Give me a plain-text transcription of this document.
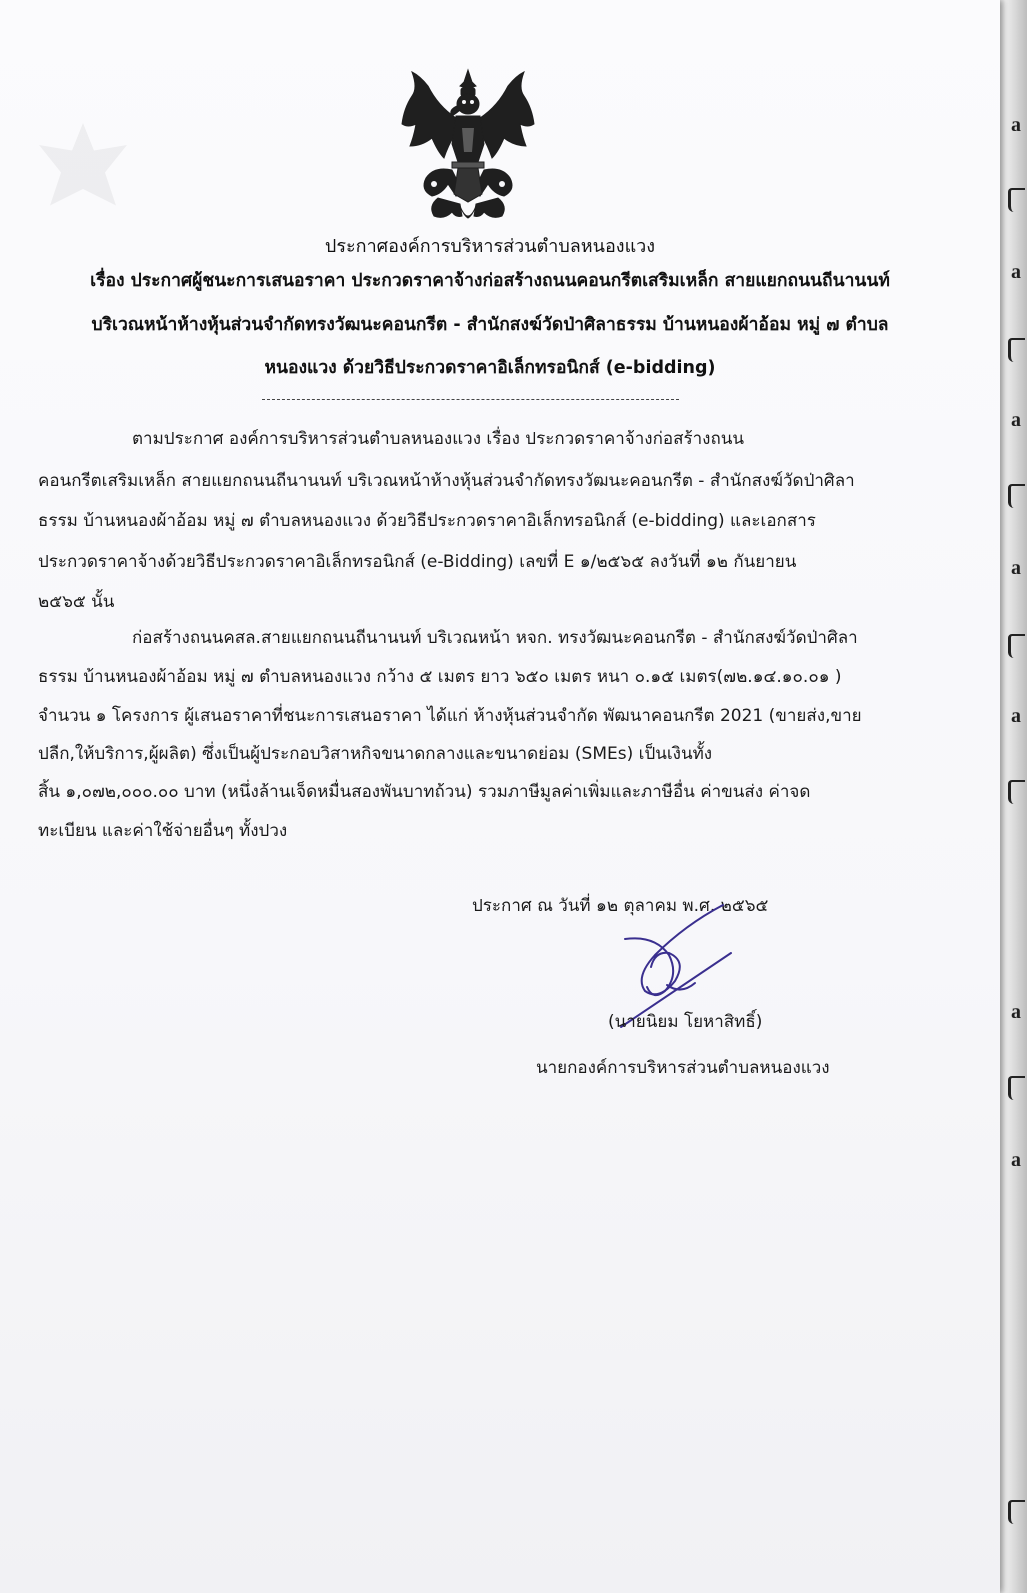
a
a
a
a
a
a
a
ประกาศองค์การบริหารส่วนตำบลหนองแวง
เรื่อง ประกาศผู้ชนะการเสนอราคา ประกวดราคาจ้างก่อสร้างถนนคอนกรีตเสริมเหล็ก สายแยกถนนถีนานนท์
บริเวณหน้าห้างหุ้นส่วนจำกัดทรงวัฒนะคอนกรีต - สำนักสงฆ์วัดป่าศิลาธรรม บ้านหนองผ้าอ้อม หมู่ ๗ ตำบล
หนองแวง ด้วยวิธีประกวดราคาอิเล็กทรอนิกส์ (e-bidding)
ตามประกาศ องค์การบริหารส่วนตำบลหนองแวง เรื่อง ประกวดราคาจ้างก่อสร้างถนน
คอนกรีตเสริมเหล็ก สายแยกถนนถีนานนท์ บริเวณหน้าห้างหุ้นส่วนจำกัดทรงวัฒนะคอนกรีต - สำนักสงฆ์วัดป่าศิลา
ธรรม บ้านหนองผ้าอ้อม หมู่ ๗ ตำบลหนองแวง ด้วยวิธีประกวดราคาอิเล็กทรอนิกส์ (e-bidding) และเอกสาร
ประกวดราคาจ้างด้วยวิธีประกวดราคาอิเล็กทรอนิกส์ (e-Bidding) เลขที่ E ๑/๒๕๖๕ ลงวันที่ ๑๒ กันยายน
๒๕๖๕ นั้น
ก่อสร้างถนนคสล.สายแยกถนนถีนานนท์ บริเวณหน้า หจก. ทรงวัฒนะคอนกรีต - สำนักสงฆ์วัดป่าศิลา
ธรรม บ้านหนองผ้าอ้อม หมู่ ๗ ตำบลหนองแวง กว้าง ๕ เมตร ยาว ๖๕๐ เมตร หนา ๐.๑๕ เมตร(๗๒.๑๔.๑๐.๐๑ )
จำนวน ๑ โครงการ ผู้เสนอราคาที่ชนะการเสนอราคา ได้แก่ ห้างหุ้นส่วนจำกัด พัฒนาคอนกรีต 2021 (ขายส่ง,ขาย
ปลีก,ให้บริการ,ผู้ผลิต) ซึ่งเป็นผู้ประกอบวิสาหกิจขนาดกลางและขนาดย่อม (SMEs) เป็นเงินทั้ง
สิ้น ๑,๐๗๒,๐๐๐.๐๐ บาท (หนึ่งล้านเจ็ดหมื่นสองพันบาทถ้วน) รวมภาษีมูลค่าเพิ่มและภาษีอื่น ค่าขนส่ง ค่าจด
ทะเบียน และค่าใช้จ่ายอื่นๆ ทั้งปวง
ประกาศ ณ วันที่ ๑๒ ตุลาคม พ.ศ. ๒๕๖๕
(นายนิยม โยหาสิทธิ์)
นายกองค์การบริหารส่วนตำบลหนองแวง
